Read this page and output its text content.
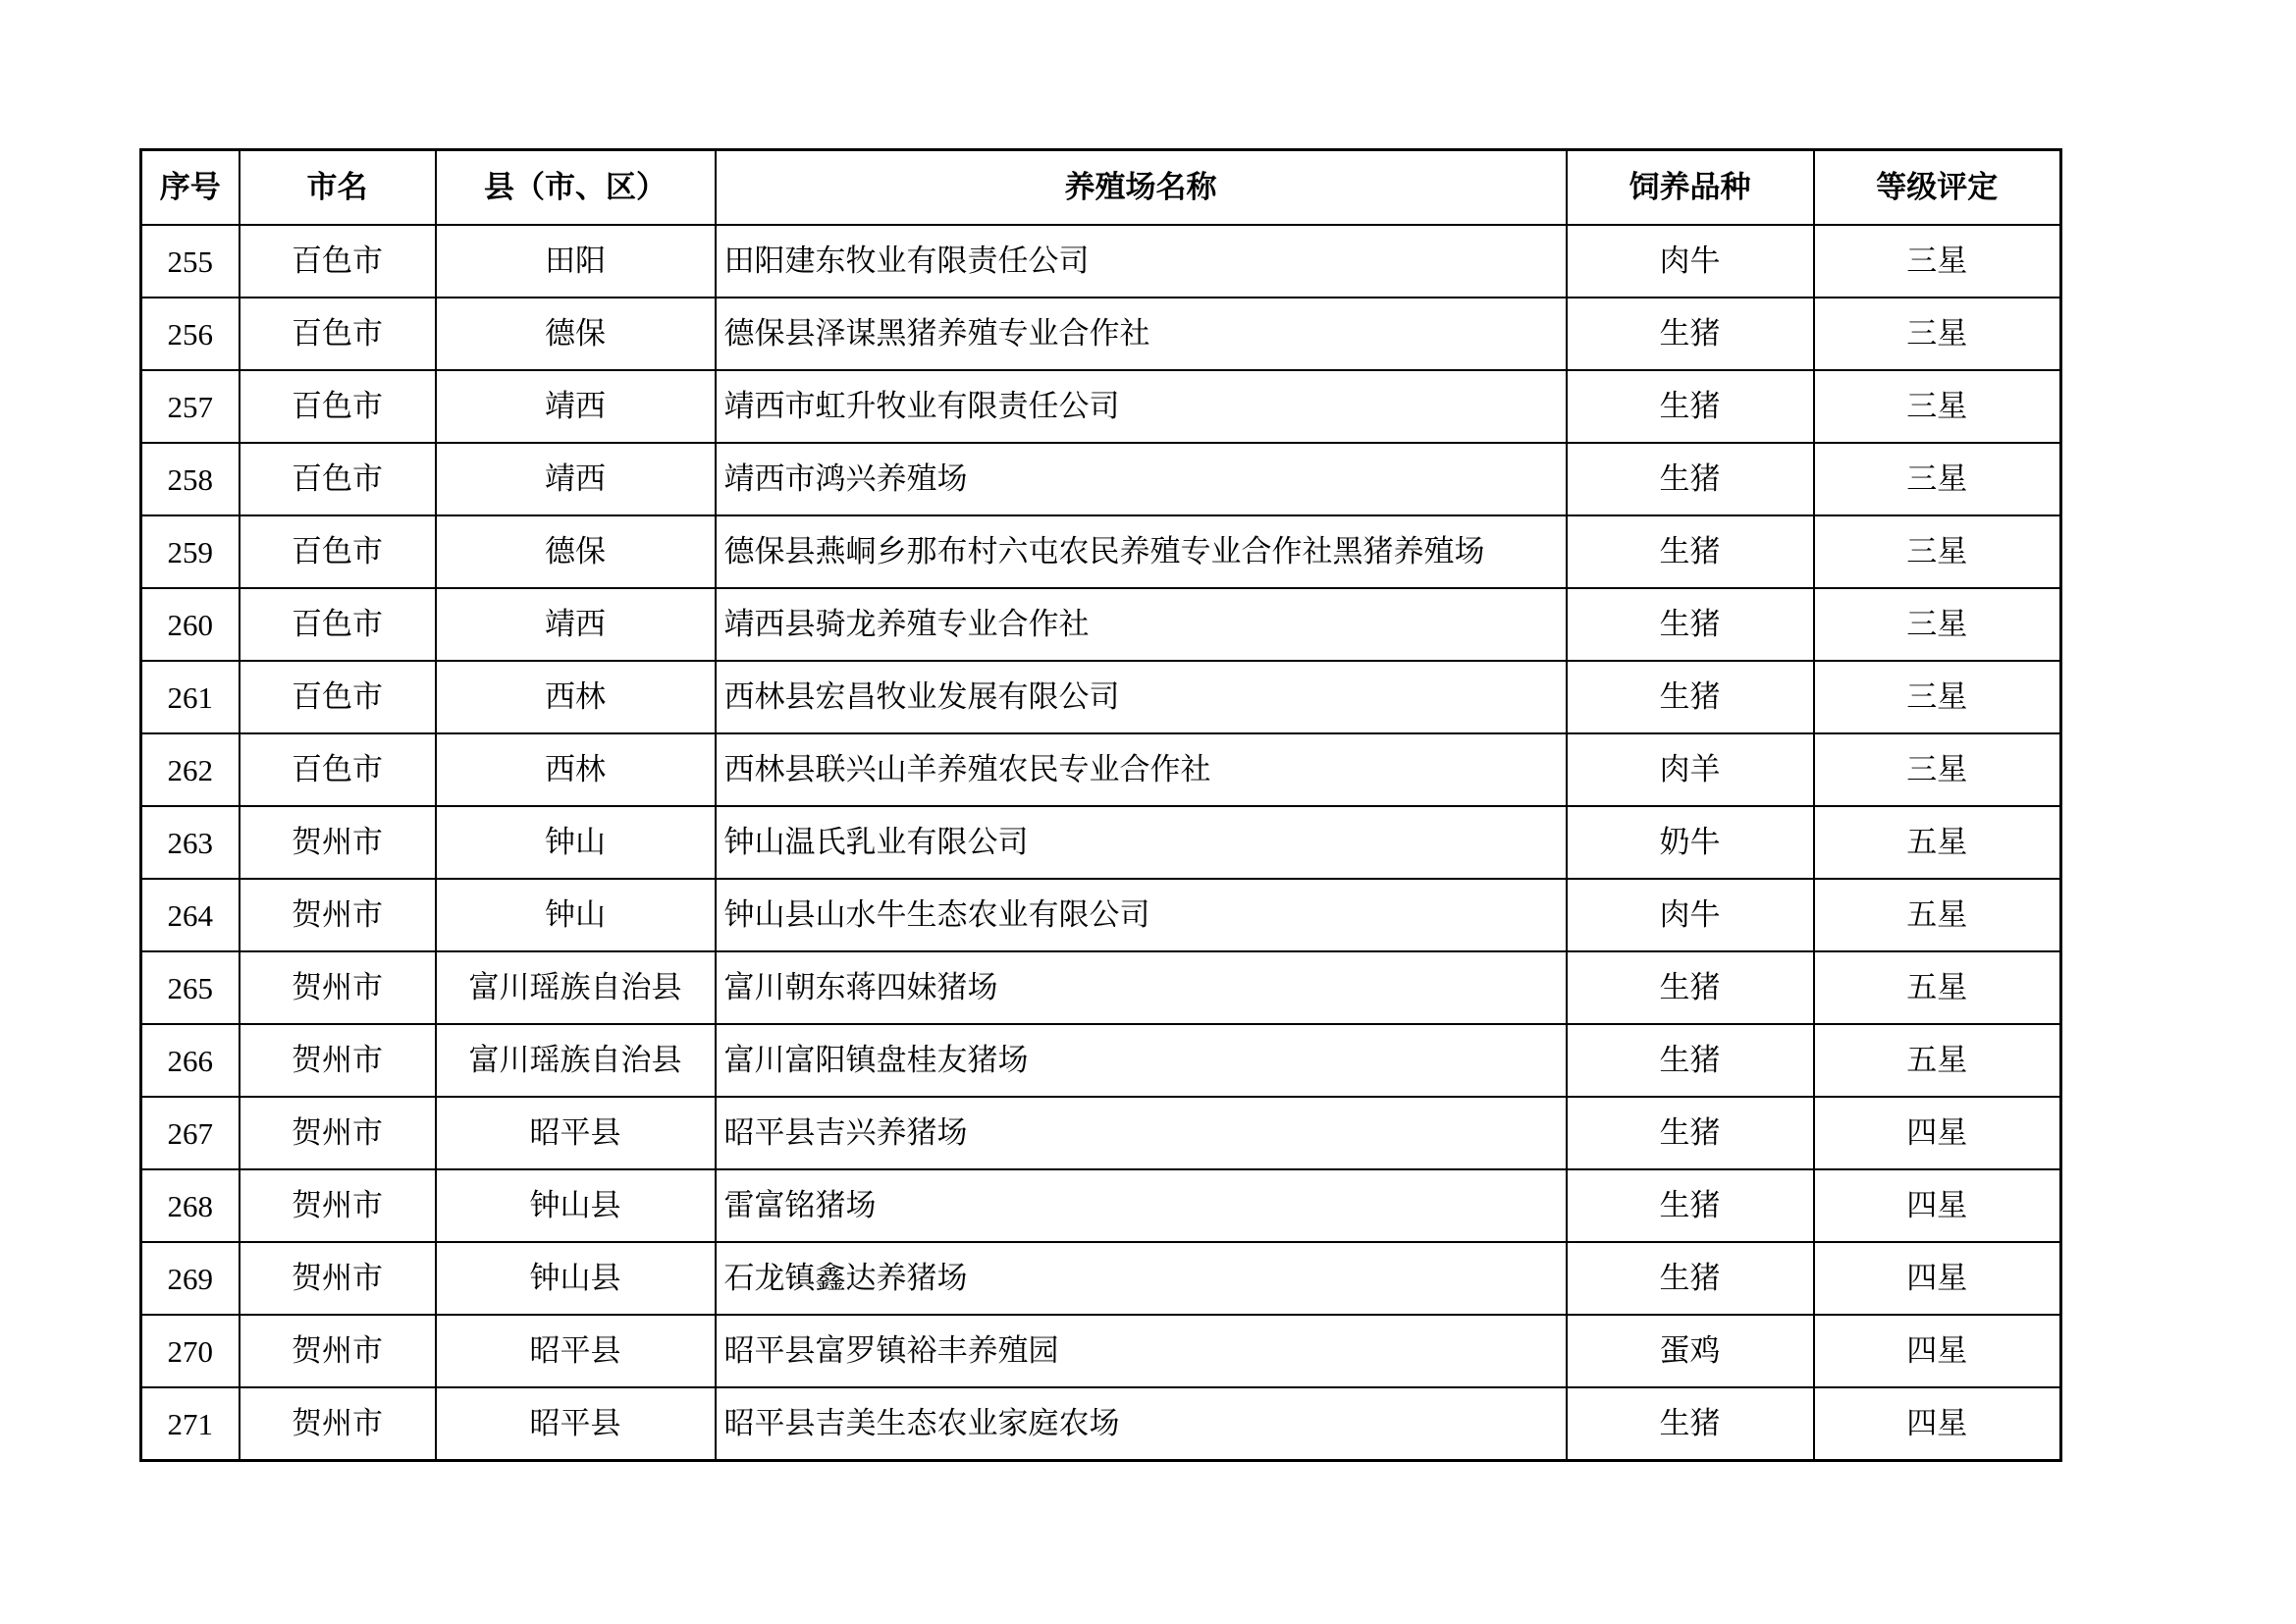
序号	市名	县（市、区）	养殖场名称	饲养品种	等级评定
255	百色市	田阳	田阳建东牧业有限责任公司	肉牛	三星
256	百色市	德保	德保县泽谋黑猪养殖专业合作社	生猪	三星
257	百色市	靖西	靖西市虹升牧业有限责任公司	生猪	三星
258	百色市	靖西	靖西市鸿兴养殖场	生猪	三星
259	百色市	德保	德保县燕峒乡那布村六屯农民养殖专业合作社黑猪养殖场	生猪	三星
260	百色市	靖西	靖西县骑龙养殖专业合作社	生猪	三星
261	百色市	西林	西林县宏昌牧业发展有限公司	生猪	三星
262	百色市	西林	西林县联兴山羊养殖农民专业合作社	肉羊	三星
263	贺州市	钟山	钟山温氏乳业有限公司	奶牛	五星
264	贺州市	钟山	钟山县山水牛生态农业有限公司	肉牛	五星
265	贺州市	富川瑶族自治县	富川朝东蒋四妹猪场	生猪	五星
266	贺州市	富川瑶族自治县	富川富阳镇盘桂友猪场	生猪	五星
267	贺州市	昭平县	昭平县吉兴养猪场	生猪	四星
268	贺州市	钟山县	雷富铭猪场	生猪	四星
269	贺州市	钟山县	石龙镇鑫达养猪场	生猪	四星
270	贺州市	昭平县	昭平县富罗镇裕丰养殖园	蛋鸡	四星
271	贺州市	昭平县	昭平县吉美生态农业家庭农场	生猪	四星
